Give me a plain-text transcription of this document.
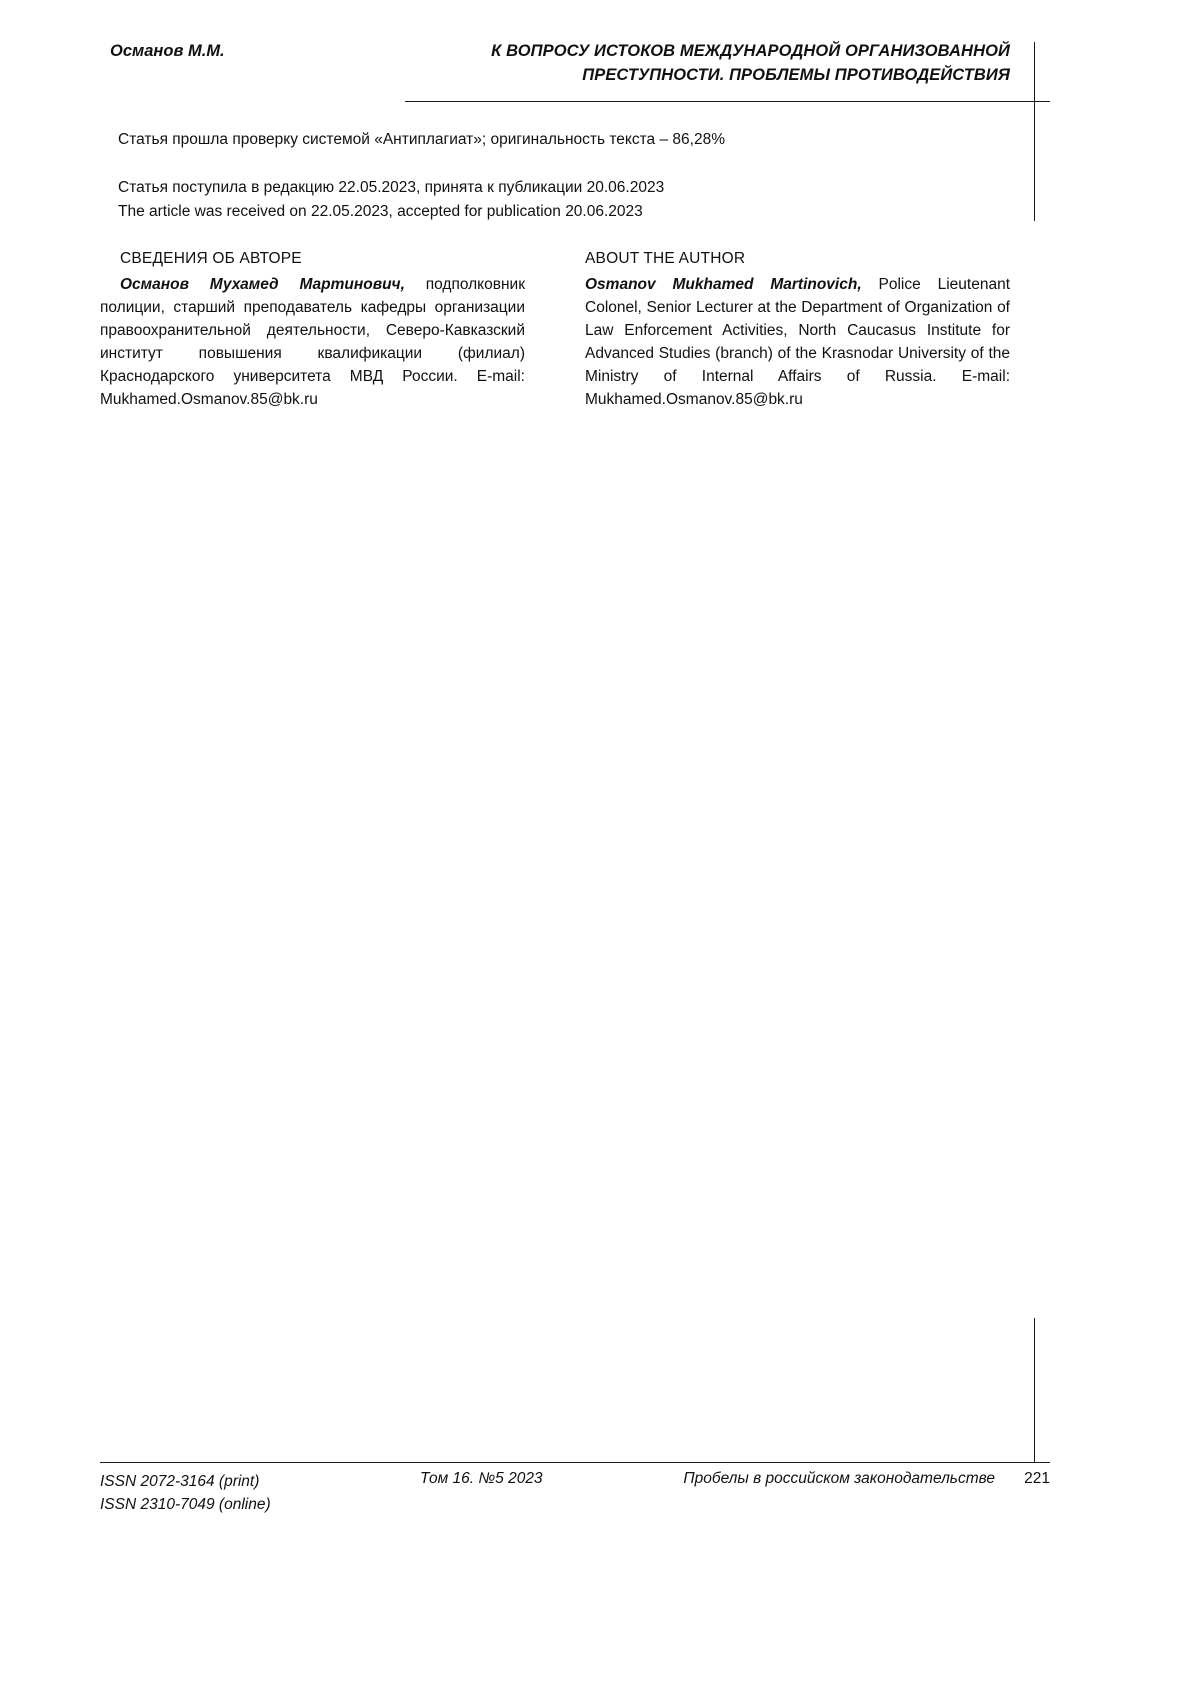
Османов М.М.	К ВОПРОСУ ИСТОКОВ МЕЖДУНАРОДНОЙ ОРГАНИЗОВАННОЙ
ПРЕСТУПНОСТИ. ПРОБЛЕМЫ ПРОТИВОДЕЙСТВИЯ
Статья прошла проверку системой «Антиплагиат»; оригинальность текста – 86,28%
Статья поступила в редакцию 22.05.2023, принята к публикации 20.06.2023
The article was received on 22.05.2023, accepted for publication 20.06.2023

СВЕДЕНИЯ ОБ АВТОРЕ

Османов Мухамед Мартинович, подполковник полиции, старший преподаватель кафедры организации правоохранительной деятельности, Северо-Кавказский институт повышения квалификации (филиал) Краснодарского университета МВД России. E-mail: Mukhamed.Osmanov.85@bk.ru

ABOUT THE AUTHOR

Osmanov Mukhamed Martinovich, Police Lieutenant Colonel, Senior Lecturer at the Department of Organization of Law Enforcement Activities, North Caucasus Institute for Advanced Studies (branch) of the Krasnodar University of the Ministry of Internal Affairs of Russia. E-mail: Mukhamed.Osmanov.85@bk.ru
ISSN 2072-3164 (print)
ISSN 2310-7049 (online)
Том 16. №5 2023	Пробелы в российском законодательстве	221
